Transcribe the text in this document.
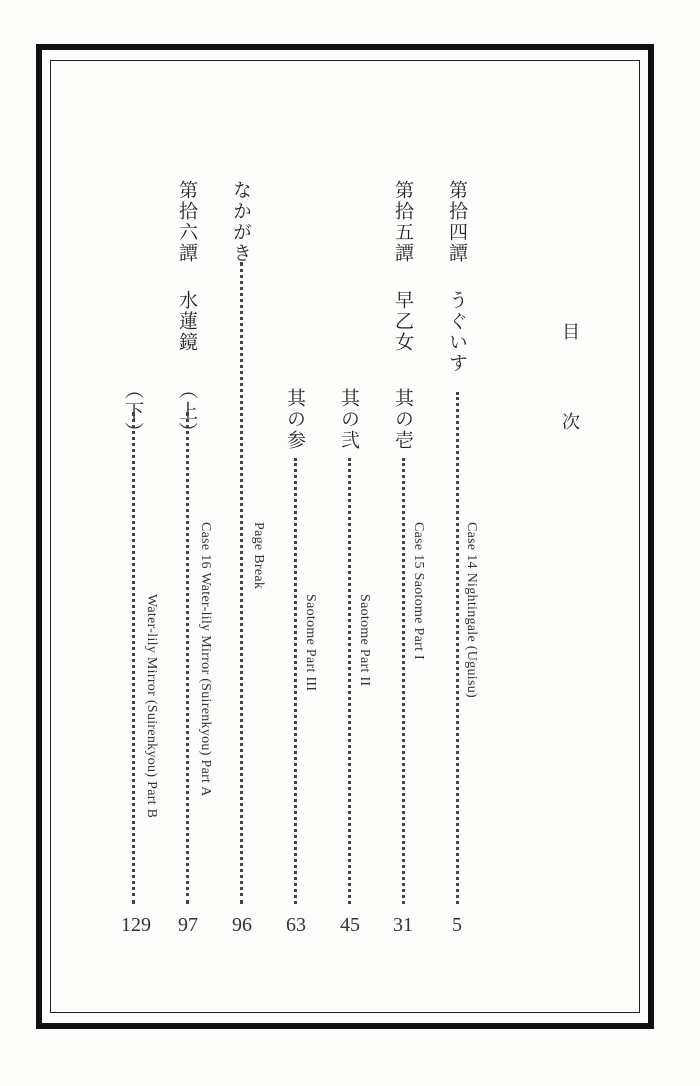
目
次
第拾四譚
うぐいす
Case 14 Nightingale (Uguisu)
5
第拾五譚
早乙女
其の壱
Case 15 Saotome Part I
31
其の弐
Saotome Part II
45
其の参
Saotome Part III
63
なかがき
Page Break
96
第拾六譚
水蓮鏡
（上）
Case 16 Water-lily Mirror (Suirenkyou) Part A
97
（下）
Water-lily Mirror (Suirenkyou) Part B
129
